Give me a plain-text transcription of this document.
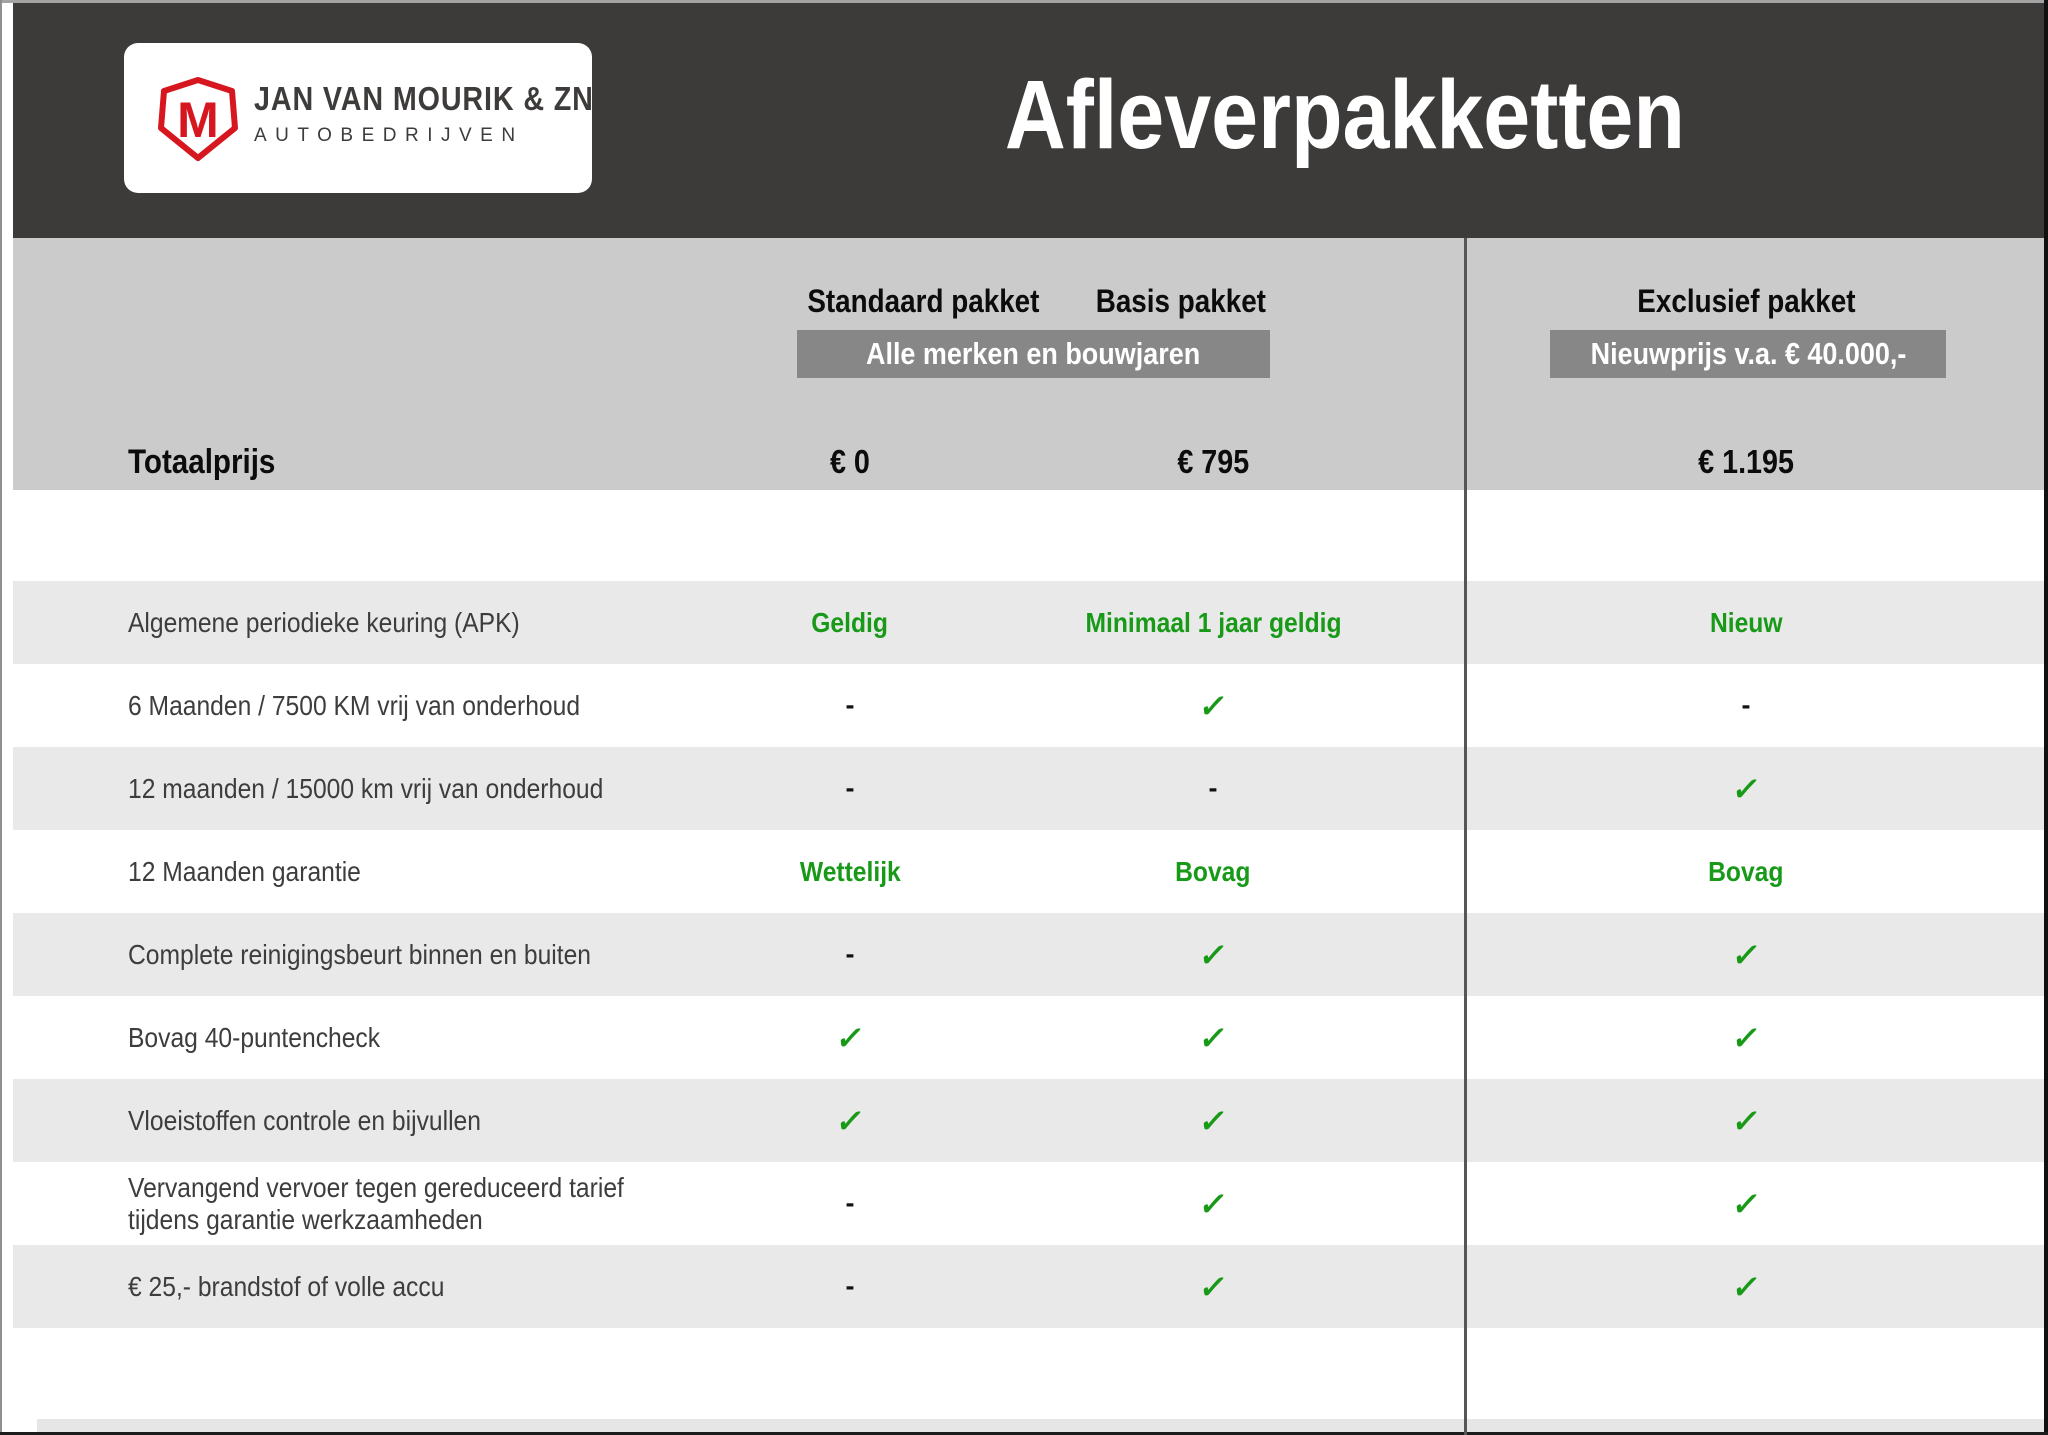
M JAN VAN MOURIK & ZN
AUTOBEDRIJVEN	Afleverpakketten
Standaard pakket	Basis pakket	Exclusief pakket
Alle merken en bouwjaren	Nieuwprijs v.a. € 40.000,-
Totaalprijs	€ 0	€ 795	€ 1.195
Algemene periodieke keuring (APK)	Geldig	Minimaal 1 jaar geldig	Nieuw
6 Maanden / 7500 KM vrij van onderhoud	-	✓	-
12 maanden / 15000 km vrij van onderhoud	-	-	✓
12 Maanden garantie	Wettelijk	Bovag	Bovag
Complete reinigingsbeurt binnen en buiten	-	✓	✓
Bovag 40-puntencheck	✓	✓	✓
Vloeistoffen controle en bijvullen	✓	✓	✓
Vervangend vervoer tegen gereduceerd tarief
tijdens garantie werkzaamheden
-	✓	✓
€ 25,- brandstof of volle accu	-	✓	✓
